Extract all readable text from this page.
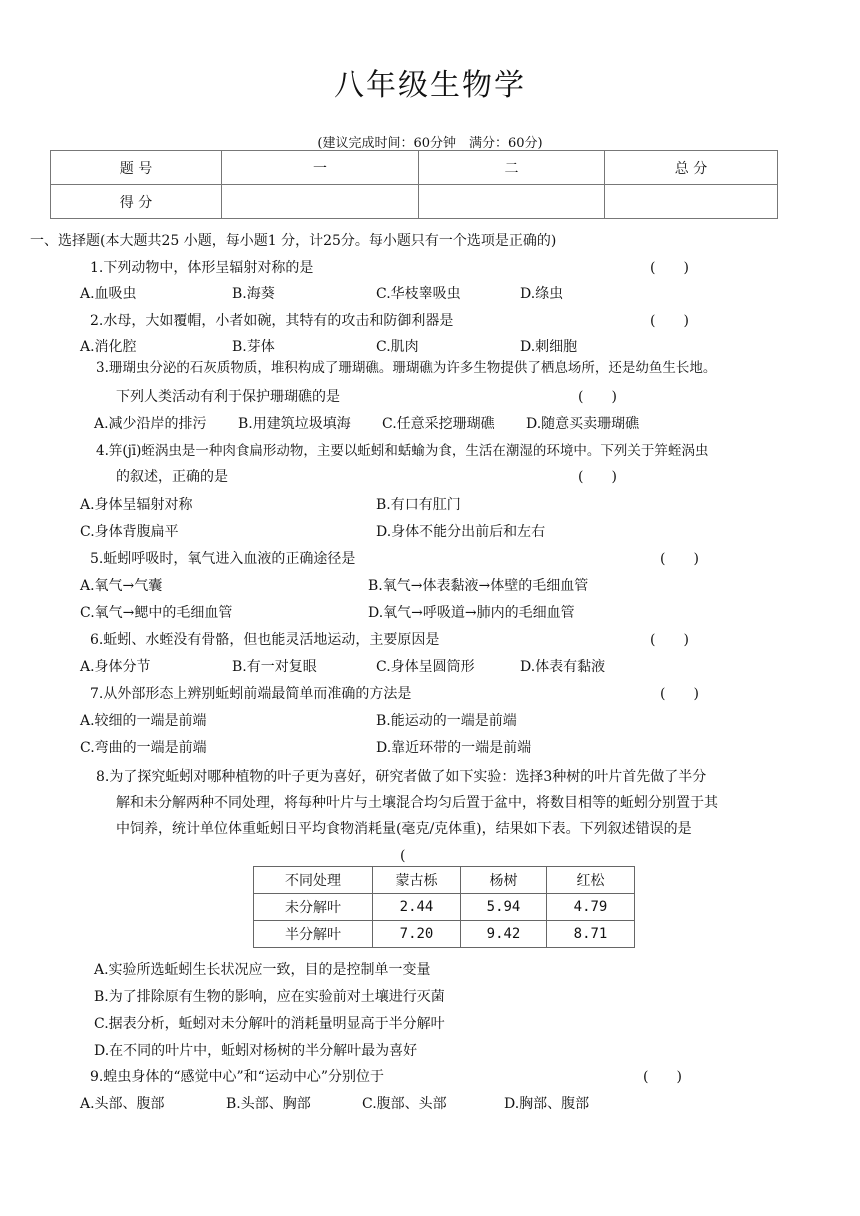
八年级生物学
(建议完成时间：60分钟　满分：60分)
题 号	一	二	总 分
得 分			
一、选择题(本大题共25 小题，每小题1 分，计25分。每小题只有一个选项是正确的)
1.下列动物中，体形呈辐射对称的是	(　　)
A.血吸虫	B.海葵	C.华枝睾吸虫	D.绦虫
2.水母，大如覆帽，小者如碗，其特有的攻击和防御利器是	(　　)
A.消化腔	B.芽体	C.肌肉	D.刺细胞
3.珊瑚虫分泌的石灰质物质，堆积构成了珊瑚礁。珊瑚礁为许多生物提供了栖息场所，还是幼鱼生长地。
下列人类活动有利于保护珊瑚礁的是	(　　)
A.减少沿岸的排污 B.用建筑垃圾填海 C.任意采挖珊瑚礁 D.随意买卖珊瑚礁
4.笄(jī)蛭涡虫是一种肉食扁形动物，主要以蚯蚓和蛞蝓为食，生活在潮湿的环境中。下列关于笄蛭涡虫
的叙述，正确的是	(　　)
A.身体呈辐射对称	B.有口有肛门
C.身体背腹扁平	D.身体不能分出前后和左右
5.蚯蚓呼吸时，氧气进入血液的正确途径是	(　　)
A.氧气→气囊	B.氧气→体表黏液→体壁的毛细血管
C.氧气→鳃中的毛细血管	D.氧气→呼吸道→肺内的毛细血管
6.蚯蚓、水蛭没有骨骼，但也能灵活地运动，主要原因是	(　　)
A.身体分节	B.有一对复眼	C.身体呈圆筒形	D.体表有黏液
7.从外部形态上辨别蚯蚓前端最简单而准确的方法是	(　　)
A.较细的一端是前端	B.能运动的一端是前端
C.弯曲的一端是前端	D.靠近环带的一端是前端
8.为了探究蚯蚓对哪种植物的叶子更为喜好，研究者做了如下实验：选择3种树的叶片首先做了半分
解和未分解两种不同处理，将每种叶片与土壤混合均匀后置于盆中，将数目相等的蚯蚓分别置于其
中饲养，统计单位体重蚯蚓日平均食物消耗量(毫克/克体重)，结果如下表。下列叙述错误的是
(
不同处理	蒙古栎	杨树	红松
未分解叶	2.44	5.94	4.79
半分解叶	7.20	9.42	8.71
A.实验所选蚯蚓生长状况应一致，目的是控制单一变量
B.为了排除原有生物的影响，应在实验前对土壤进行灭菌
C.据表分析，蚯蚓对未分解叶的消耗量明显高于半分解叶
D.在不同的叶片中，蚯蚓对杨树的半分解叶最为喜好
9.蝗虫身体的“感觉中心”和“运动中心”分别位于	(　　)
A.头部、腹部	B.头部、胸部	C.腹部、头部	D.胸部、腹部
